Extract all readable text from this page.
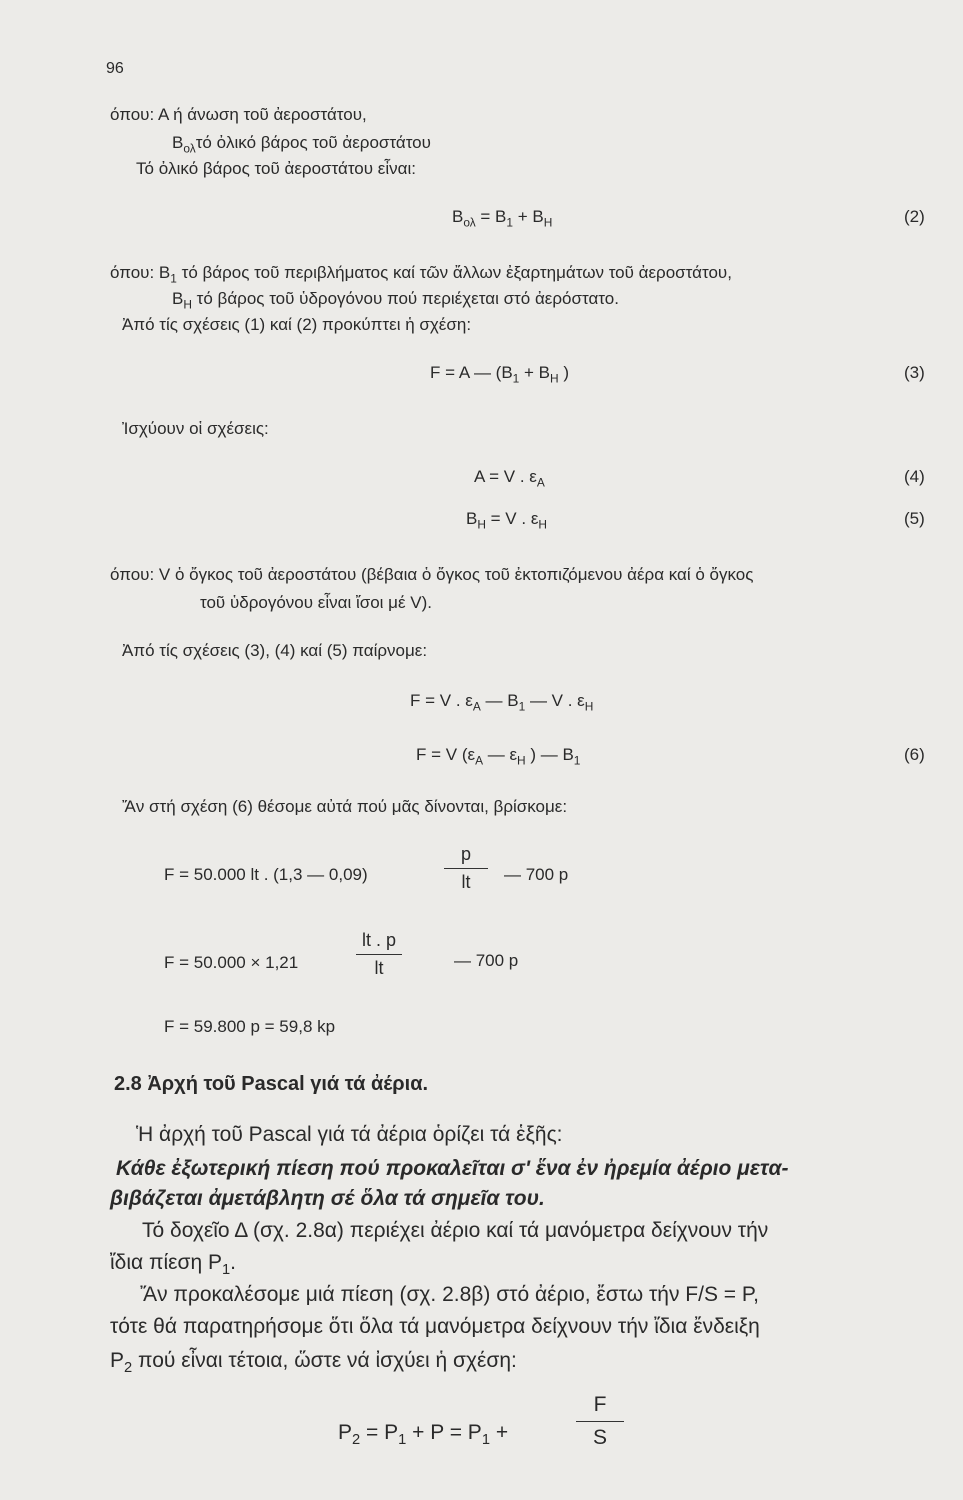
96
όπου: Α ή άνωση τοῦ ἀεροστάτου,
$B_{o\lambda}\tau ό$ ὀλικό βάρος τοῦ ἀεροστάτου
Τό ὀλικό βάρος τοῦ ἀεροστάτου εἶναι:
$B_{o\lambda} = B_1 + B_H$	(2)
όπου: $B_1$ τό βάρος τοῦ περιβλήματος καί τῶν ἄλλων ἐξαρτημάτων τοῦ ἀεροστάτου,
$B_H$ τό βάρος τοῦ ὑδρογόνου πού περιέχεται στό ἀερόστατο.
Ἀπό τίς σχέσεις (1) καί (2) προκύπτει ἡ σχέση:
F = A — ($B_1 + B_H$ )	(3)
Ἰσχύουν οἱ σχέσεις:
A = V . $\varepsilon_A$	(4)
$B_H = V$ . $\varepsilon_H$	(5)
όπου: V ὁ ὄγκος τοῦ ἀεροστάτου (βέβαια ὁ ὄγκος τοῦ ἐκτοπιζόμενου ἀέρα καί ὁ ὄγκος
τοῦ ὑδρογόνου εἶναι ἴσοι μέ V).
Ἀπό τίς σχέσεις (3), (4) καί (5) παίρνομε:
F = V . $\varepsilon_A$ — $B_1$ — V . $\varepsilon_H$
F = V ($\varepsilon_A$ — $\varepsilon_H$ ) — $B_1$	(6)
Ἄν στή σχέση (6) θέσομε αὐτά πού μᾶς δίνονται, βρίσκομε:
F = 50.000 lt . (1,3 — 0,09)
p
lt — 700 p
F = 50.000 × 1,21
lt . p
lt	— 700 p
F = 59.800 p = 59,8 kp
2.8 Ἀρχή τοῦ Pascal γιά τά ἀέρια.
Ἡ ἀρχή τοῦ Pascal γιά τά ἀέρια ὁρίζει τά ἑξῆς:
Κάθε ἐξωτερική πίεση πού προκαλεῖται σ' ἕνα ἐν ἠρεμία ἀέριο μετα-
βιβάζεται ἀμετάβλητη σέ ὅλα τά σημεῖα του.
Τό δοχεῖο Δ (σχ. 2.8α) περιέχει ἀέριο καί τά μανόμετρα δείχνουν τήν
ἴδια πίεση $P_1$.
Ἄν προκαλέσομε μιά πίεση (σχ. 2.8β) στό ἀέριο, ἔστω τήν F/S = P,
τότε θά παρατηρήσομε ὅτι ὅλα τά μανόμετρα δείχνουν τήν ἴδια ἔνδειξη
$P_2$ πού εἶναι τέτοια, ὥστε νά ἰσχύει ἡ σχέση:
$P_2 = P_1 + P = P_1$ +
F
S
